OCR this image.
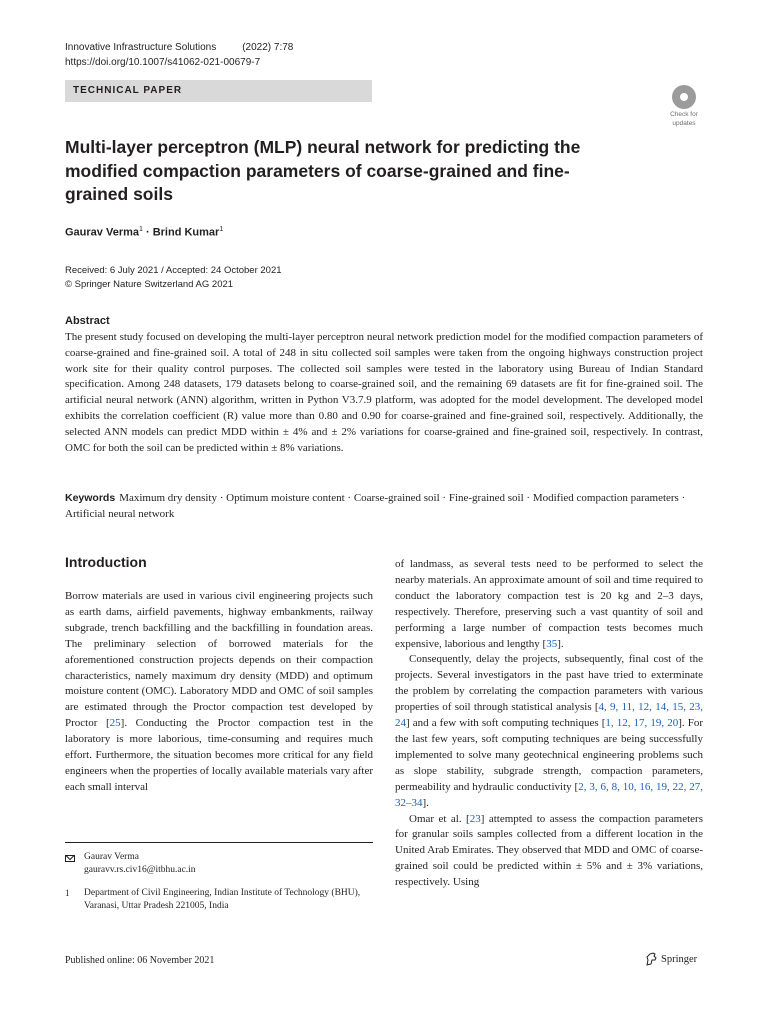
Innovative Infrastructure Solutions	(2022) 7:78
https://doi.org/10.1007/s41062-021-00679-7
TECHNICAL PAPER
Check for
updates
Multi-layer perceptron (MLP) neural network for predicting the modified compaction parameters of coarse-grained and fine-grained soils
Gaurav Verma$^1$ · Brind Kumar$^1$
Received: 6 July 2021 / Accepted: 24 October 2021
© Springer Nature Switzerland AG 2021
Abstract
The present study focused on developing the multi-layer perceptron neural network prediction model for the modified compaction parameters of coarse-grained and fine-grained soil. A total of 248 in situ collected soil samples were taken from the ongoing highways construction project work site for their quality control purposes. The collected soil samples were tested in the laboratory using Bureau of Indian Standard specification. Among 248 datasets, 179 datasets belong to coarse-grained soil, and the remaining 69 datasets are fit for fine-grained soil. The artificial neural network (ANN) algorithm, written in Python V3.7.9 platform, was adopted for the model development. The developed model exhibits the correlation coefficient (R) value more than 0.80 and 0.90 for coarse-grained and fine-grained soil, respectively. Additionally, the selected ANN models can predict MDD within ± 4% and ± 2% variations for coarse-grained and fine-grained soil, respectively. In contrast, OMC for both the soil can be predicted within ± 8% variations.
Keywords Maximum dry density · Optimum moisture content · Coarse-grained soil · Fine-grained soil · Modified compaction parameters · Artificial neural network
Introduction

Borrow materials are used in various civil engineering projects such as earth dams, airfield pavements, highway embankments, railway subgrade, trench backfilling and the backfilling in foundation areas. The preliminary selection of borrowed materials for the aforementioned construction projects depends on their compaction characteristics, namely maximum dry density (MDD) and optimum moisture content (OMC). Laboratory MDD and OMC of soil samples are estimated through the Proctor compaction test developed by Proctor [25]. Conducting the Proctor compaction test in the laboratory is more laborious, time-consuming and requires much effort. Furthermore, the situation becomes more critical for any field engineers when the properties of locally available materials vary after each small interval

of landmass, as several tests need to be performed to select the nearby materials. An approximate amount of soil and time required to conduct the laboratory compaction test is 20 kg and 2–3 days, respectively. Therefore, preserving such a vast quantity of soil and performing a large number of compaction tests becomes much expensive, laborious and lengthy [35].

Consequently, delay the projects, subsequently, final cost of the projects. Several investigators in the past have tried to exterminate the problem by correlating the compaction parameters with various properties of soil through statistical analysis [4, 9, 11, 12, 14, 15, 23, 24] and a few with soft computing techniques [1, 12, 17, 19, 20]. For the last few years, soft computing techniques are being successfully implemented to solve many geotechnical engineering problems such as slope stability, subgrade strength, compaction parameters, permeability and hydraulic conductivity [2, 3, 6, 8, 10, 16, 19, 22, 27, 32–34].

Omar et al. [23] attempted to assess the compaction parameters for granular soils samples collected from a different location in the United Arab Emirates. They observed that MDD and OMC of coarse-grained soil could be predicted within ± 5% and ± 3% variations, respectively. Using

Gaurav Verma
gauravv.rs.civ16@itbhu.ac.in
1	Department of Civil Engineering, Indian Institute of Technology (BHU), Varanasi, Uttar Pradesh 221005, India
Published online: 06 November 2021	Springer
